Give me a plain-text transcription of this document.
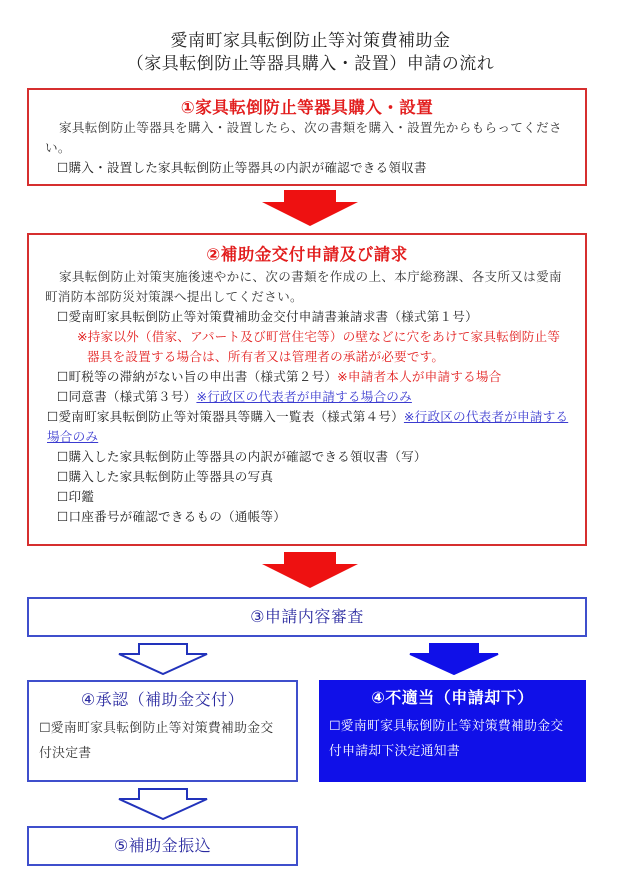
愛南町家具転倒防止等対策費補助金
（家具転倒防止等器具購入・設置）申請の流れ
①家具転倒防止等器具購入・設置
家具転倒防止等器具を購入・設置したら、次の書類を購入・設置先からもらってください。
☐購入・設置した家具転倒防止等器具の内訳が確認できる領収書
②補助金交付申請及び請求
家具転倒防止対策実施後速やかに、次の書類を作成の上、本庁総務課、各支所又は愛南町消防本部防災対策課へ提出してください。
☐愛南町家具転倒防止等対策費補助金交付申請書兼請求書（様式第１号）
※持家以外（借家、アパート及び町営住宅等）の壁などに穴をあけて家具転倒防止等器具を設置する場合は、所有者又は管理者の承諾が必要です。
☐町税等の滞納がない旨の申出書（様式第２号）※申請者本人が申請する場合
☐同意書（様式第３号）※行政区の代表者が申請する場合のみ
☐愛南町家具転倒防止等対策器具等購入一覧表（様式第４号）※行政区の代表者が申請する場合のみ
☐購入した家具転倒防止等器具の内訳が確認できる領収書（写）
☐購入した家具転倒防止等器具の写真
☐印鑑
☐口座番号が確認できるもの（通帳等）
③申請内容審査
④承認（補助金交付）
☐愛南町家具転倒防止等対策費補助金交付決定書
④不適当（申請却下）
☐愛南町家具転倒防止等対策費補助金交付申請却下決定通知書
⑤補助金振込
